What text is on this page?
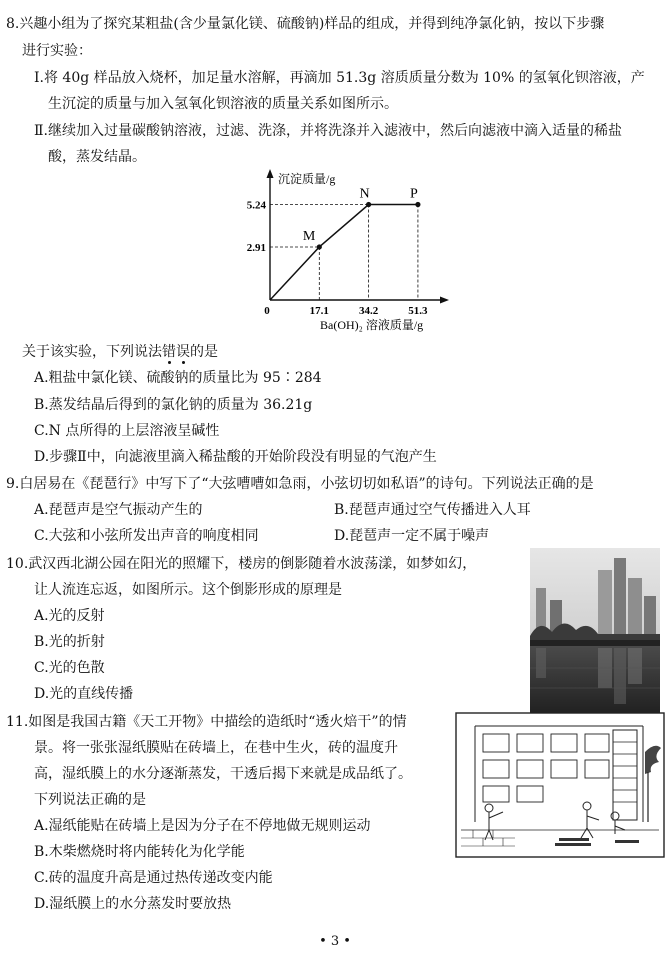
8.兴趣小组为了探究某粗盐(含少量氯化镁、硫酸钠)样品的组成，并得到纯净氯化钠，按以下步骤
进行实验：
Ⅰ.将 40g 样品放入烧杯，加足量水溶解，再滴加 51.3g 溶质质量分数为 10% 的氢氧化钡溶液，产
生沉淀的质量与加入氢氧化钡溶液的质量关系如图所示。
Ⅱ.继续加入过量碳酸钠溶液，过滤、洗涤，并将洗涤并入滤液中，然后向滤液中滴入适量的稀盐
酸，蒸发结晶。
沉淀质量/g
Ba(OH)₂ 溶液质量/g
0
M
N	P
17.1	34.2	51.3
2.91
5.24
关于该实验，下列说法错误的是
A.粗盐中氯化镁、硫酸钠的质量比为 95∶284
B.蒸发结晶后得到的氯化钠的质量为 36.21g
C.N 点所得的上层溶液呈碱性
D.步骤Ⅱ中，向滤液里滴入稀盐酸的开始阶段没有明显的气泡产生
9.白居易在《琵琶行》中写下了“大弦嘈嘈如急雨，小弦切切如私语”的诗句。下列说法正确的是
A.琵琶声是空气振动产生的	B.琵琶声通过空气传播进入人耳
C.大弦和小弦所发出声音的响度相同	D.琵琶声一定不属于噪声
10.武汉西北湖公园在阳光的照耀下，楼房的倒影随着水波荡漾，如梦如幻，
让人流连忘返，如图所示。这个倒影形成的原理是
A.光的反射
B.光的折射
C.光的色散
D.光的直线传播
11.如图是我国古籍《天工开物》中描绘的造纸时“透火焙干”的情
景。将一张张湿纸膜贴在砖墙上，在巷中生火，砖的温度升
高，湿纸膜上的水分逐渐蒸发，干透后揭下来就是成品纸了。
下列说法正确的是
A.湿纸能贴在砖墙上是因为分子在不停地做无规则运动
B.木柴燃烧时将内能转化为化学能
C.砖的温度升高是通过热传递改变内能
D.湿纸膜上的水分蒸发时要放热
• 3 •
